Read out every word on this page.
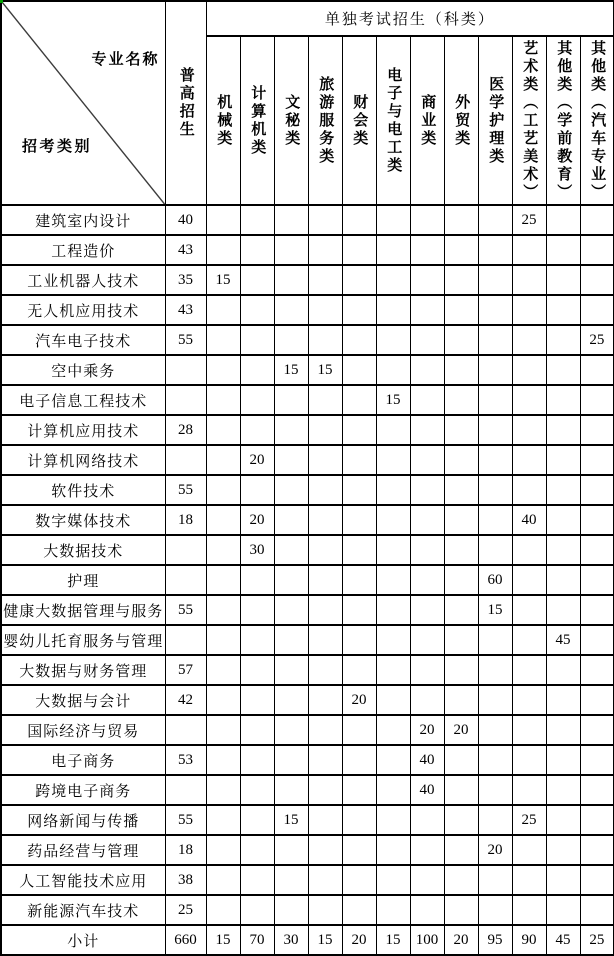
专业名称
招考类别	普高招生	单独考试招生（科类）											

		机械类	计算机类	文秘类	旅游服务类	财会类	电子与电工类	商业类	外贸类	医学护理类	艺术类（工艺美术）	其他类（学前教育）	其他类（汽车专业）

建筑室内设计	40										25		
工程造价	43												
工业机器人技术	35	15											
无人机应用技术	43												
汽车电子技术	55												25
空中乘务				15	15								
电子信息工程技术							15						
计算机应用技术	28												
计算机网络技术			20										
软件技术	55												
数字媒体技术	18		20								40		
大数据技术			30										
护理										60			
健康大数据管理与服务	55									15			
婴幼儿托育服务与管理												45	
大数据与财务管理	57												
大数据与会计	42					20							
国际经济与贸易								20	20				
电子商务	53							40					
跨境电子商务								40					
网络新闻与传播	55			15							25		
药品经营与管理	18									20			
人工智能技术应用	38												
新能源汽车技术	25												
小计	660	15	70	30	15	20	15	100	20	95	90	45	25
